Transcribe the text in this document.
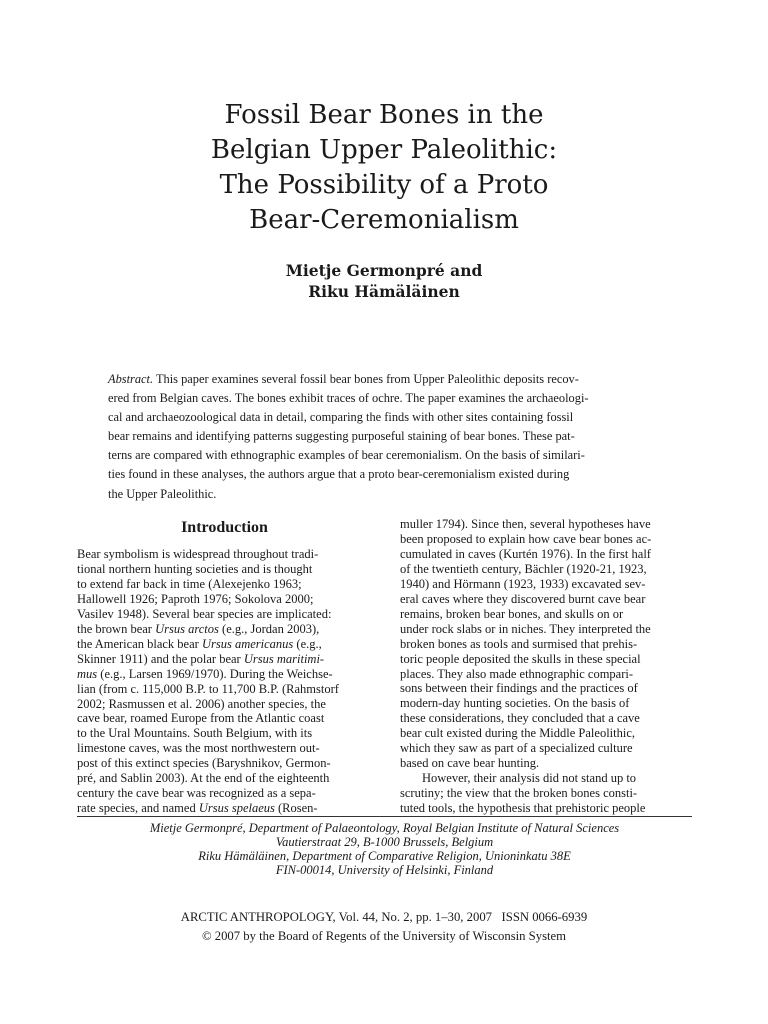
Fossil Bear Bones in the
Belgian Upper Paleolithic:
The Possibility of a Proto
Bear-Ceremonialism
Mietje Germonpré and
Riku Hämäläinen
Abstract. This paper examines several fossil bear bones from Upper Paleolithic deposits recov-
ered from Belgian caves. The bones exhibit traces of ochre. The paper examines the archaeologi-
cal and archaeozoological data in detail, comparing the finds with other sites containing fossil
bear remains and identifying patterns suggesting purposeful staining of bear bones. These pat-
terns are compared with ethnographic examples of bear ceremonialism. On the basis of similari-
ties found in these analyses, the authors argue that a proto bear-ceremonialism existed during
the Upper Paleolithic.
Introduction
Bear symbolism is widespread throughout tradi-
tional northern hunting societies and is thought
to extend far back in time (Alexejenko 1963;
Hallowell 1926; Paproth 1976; Sokolova 2000;
Vasilev 1948). Several bear species are implicated:
the brown bear Ursus arctos (e.g., Jordan 2003),
the American black bear Ursus americanus (e.g.,
Skinner 1911) and the polar bear Ursus maritimi-
mus (e.g., Larsen 1969/1970). During the Weichse-
lian (from c. 115,000 B.P. to 11,700 B.P. (Rahmstorf
2002; Rasmussen et al. 2006) another species, the
cave bear, roamed Europe from the Atlantic coast
to the Ural Mountains. South Belgium, with its
limestone caves, was the most northwestern out-
post of this extinct species (Baryshnikov, Germon-
pré, and Sablin 2003). At the end of the eighteenth
century the cave bear was recognized as a sepa-
rate species, and named Ursus spelaeus (Rosen-
muller 1794). Since then, several hypotheses have
been proposed to explain how cave bear bones ac-
cumulated in caves (Kurtén 1976). In the first half
of the twentieth century, Bächler (1920-21, 1923,
1940) and Hörmann (1923, 1933) excavated sev-
eral caves where they discovered burnt cave bear
remains, broken bear bones, and skulls on or
under rock slabs or in niches. They interpreted the
broken bones as tools and surmised that prehis-
toric people deposited the skulls in these special
places. They also made ethnographic compari-
sons between their findings and the practices of
modern-day hunting societies. On the basis of
these considerations, they concluded that a cave
bear cult existed during the Middle Paleolithic,
which they saw as part of a specialized culture
based on cave bear hunting.
However, their analysis did not stand up to
scrutiny; the view that the broken bones consti-
tuted tools, the hypothesis that prehistoric people
Mietje Germonpré, Department of Palaeontology, Royal Belgian Institute of Natural Sciences
Vautierstraat 29, B-1000 Brussels, Belgium
Riku Hämäläinen, Department of Comparative Religion, Unioninkatu 38E
FIN-00014, University of Helsinki, Finland
ARCTIC ANTHROPOLOGY, Vol. 44, No. 2, pp. 1–30, 2007   ISSN 0066-6939
© 2007 by the Board of Regents of the University of Wisconsin System
